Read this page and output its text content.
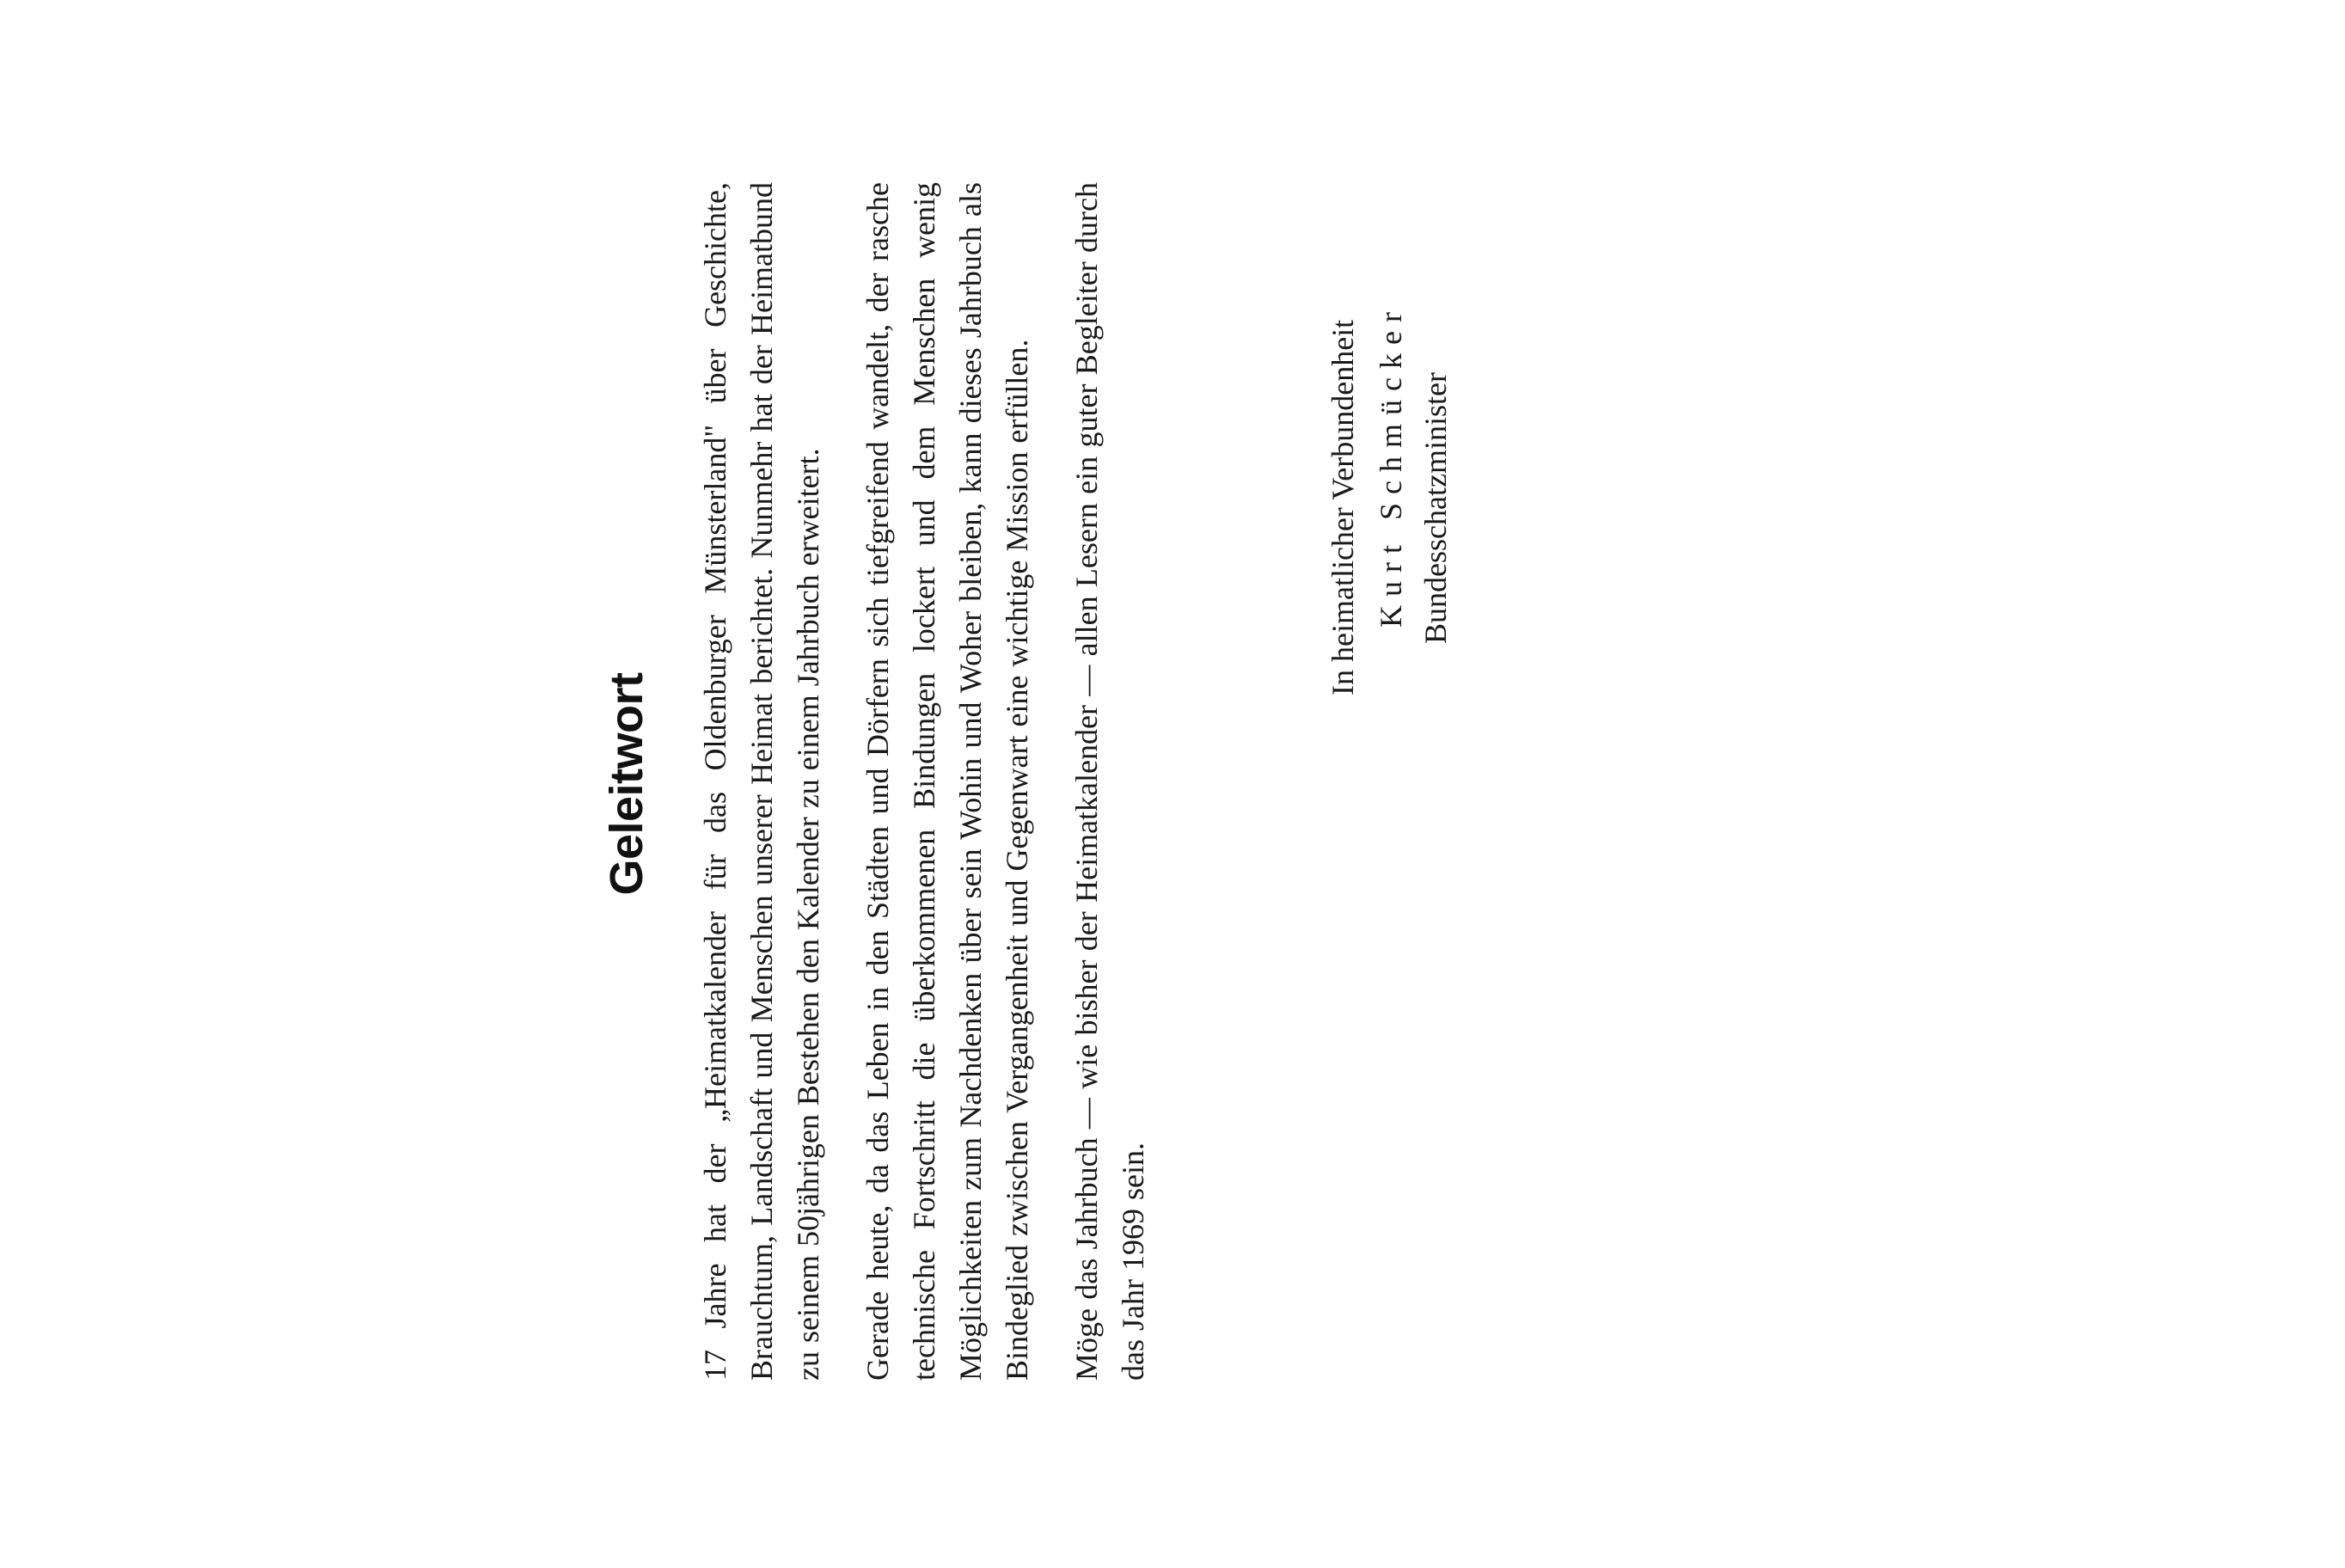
Geleitwort 17 Jahre hat der „Heimatkalender für das Oldenburger Münsterland" über Geschichte, Brauchtum, Landschaft und Menschen unserer Heimat berichtet. Nunmehr hat der Heimatbund zu seinem 50jährigen Bestehen den Kalender zu einem Jahrbuch erweitert. Gerade heute, da das Leben in den Städten und Dörfern sich tiefgreifend wandelt, der rasche technische Fortschritt die überkommenen Bindungen lockert und dem Menschen wenig Möglichkeiten zum Nachdenken über sein Wohin und Woher bleiben, kann dieses Jahrbuch als Bindeglied zwischen Vergangenheit und Gegenwart eine wichtige Mission erfüllen. Möge das Jahrbuch — wie bisher der Heimatkalender — allen Lesern ein guter Begleiter durch das Jahr 1969 sein.

In heimatlicher Verbundenheit Kurt Schmücker Bundesschatzminister
